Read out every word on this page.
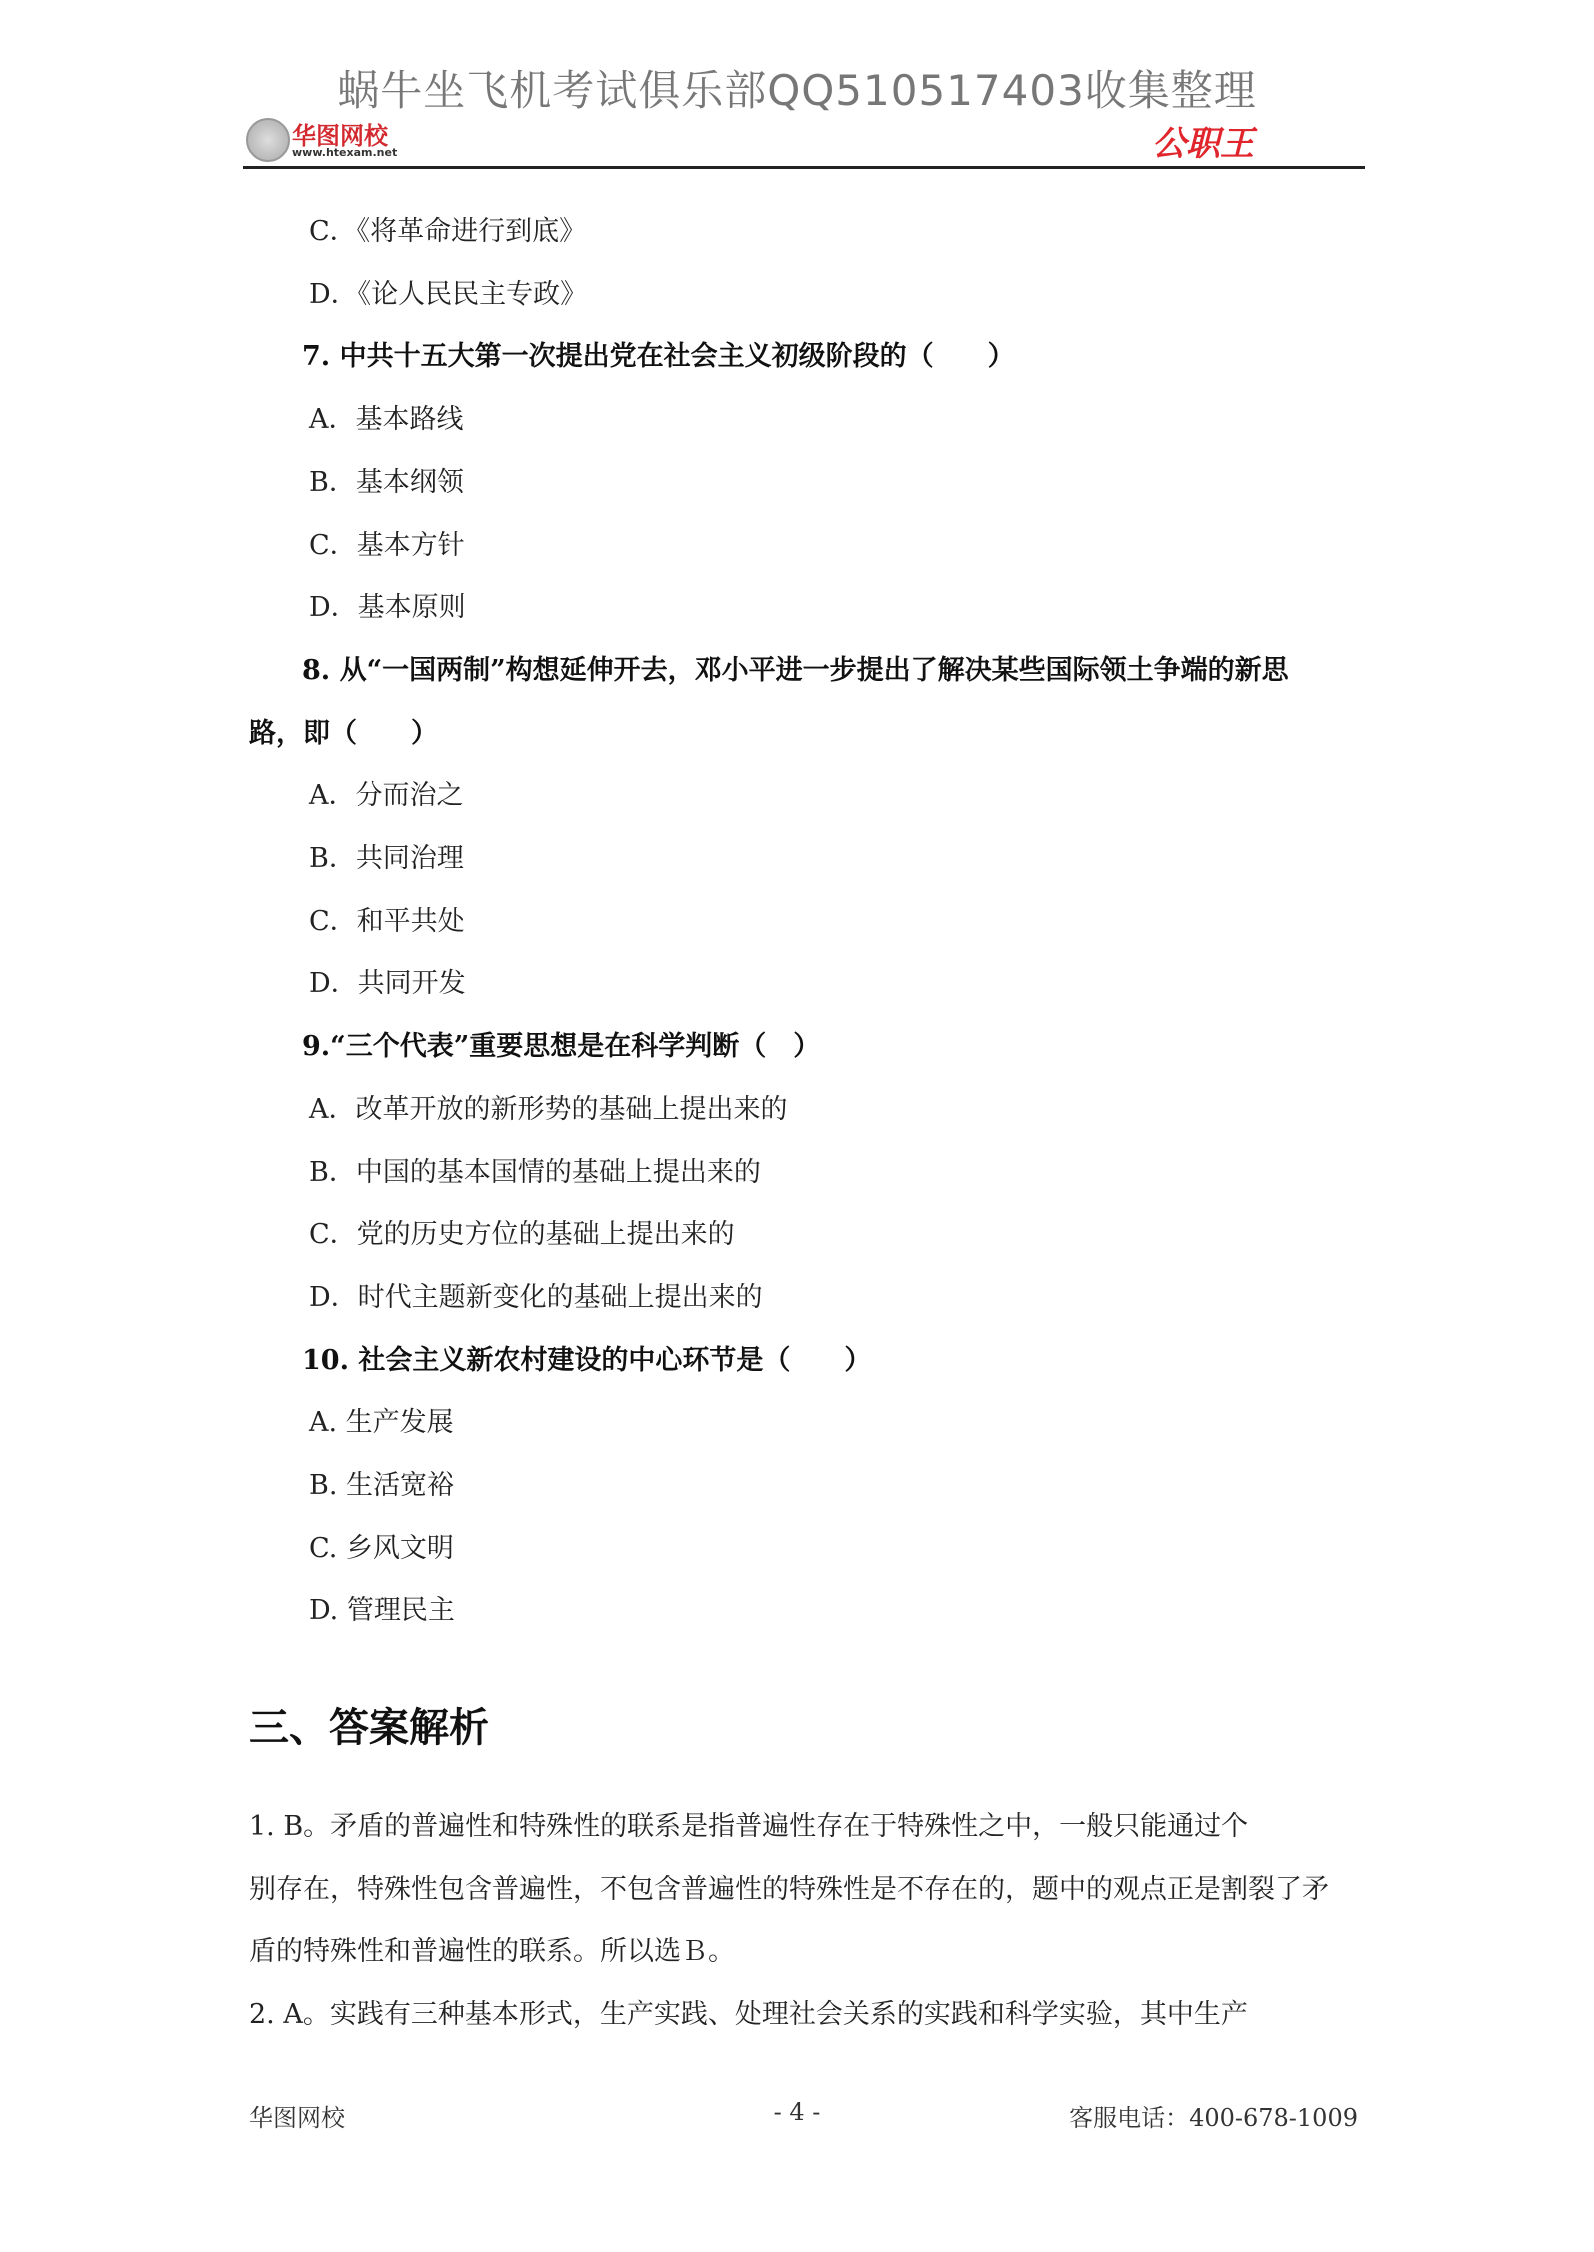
蜗牛坐飞机考试俱乐部QQ510517403收集整理
华图网校
www.htexam.net	公职王
C．《将革命进行到底》
D．《论人民民主专政》
7. 中共十五大第一次提出党在社会主义初级阶段的（　　）
A．基本路线
B．基本纲领
C．基本方针
D．基本原则
8. 从“一国两制”构想延伸开去，邓小平进一步提出了解决某些国际领土争端的新思
路，即（　　）
A．分而治之
B．共同治理
C．和平共处
D．共同开发
9.“三个代表”重要思想是在科学判断（　）
A．改革开放的新形势的基础上提出来的
B．中国的基本国情的基础上提出来的
C．党的历史方位的基础上提出来的
D．时代主题新变化的基础上提出来的
10. 社会主义新农村建设的中心环节是（　　）
A. 生产发展
B. 生活宽裕
C. 乡风文明
D. 管理民主
三、答案解析
1. B。矛盾的普遍性和特殊性的联系是指普遍性存在于特殊性之中，一般只能通过个
别存在，特殊性包含普遍性，不包含普遍性的特殊性是不存在的，题中的观点正是割裂了矛
盾的特殊性和普遍性的联系。所以选Ｂ。
2. A。实践有三种基本形式，生产实践、处理社会关系的实践和科学实验，其中生产
华图网校	- 4 -	客服电话：400-678-1009
